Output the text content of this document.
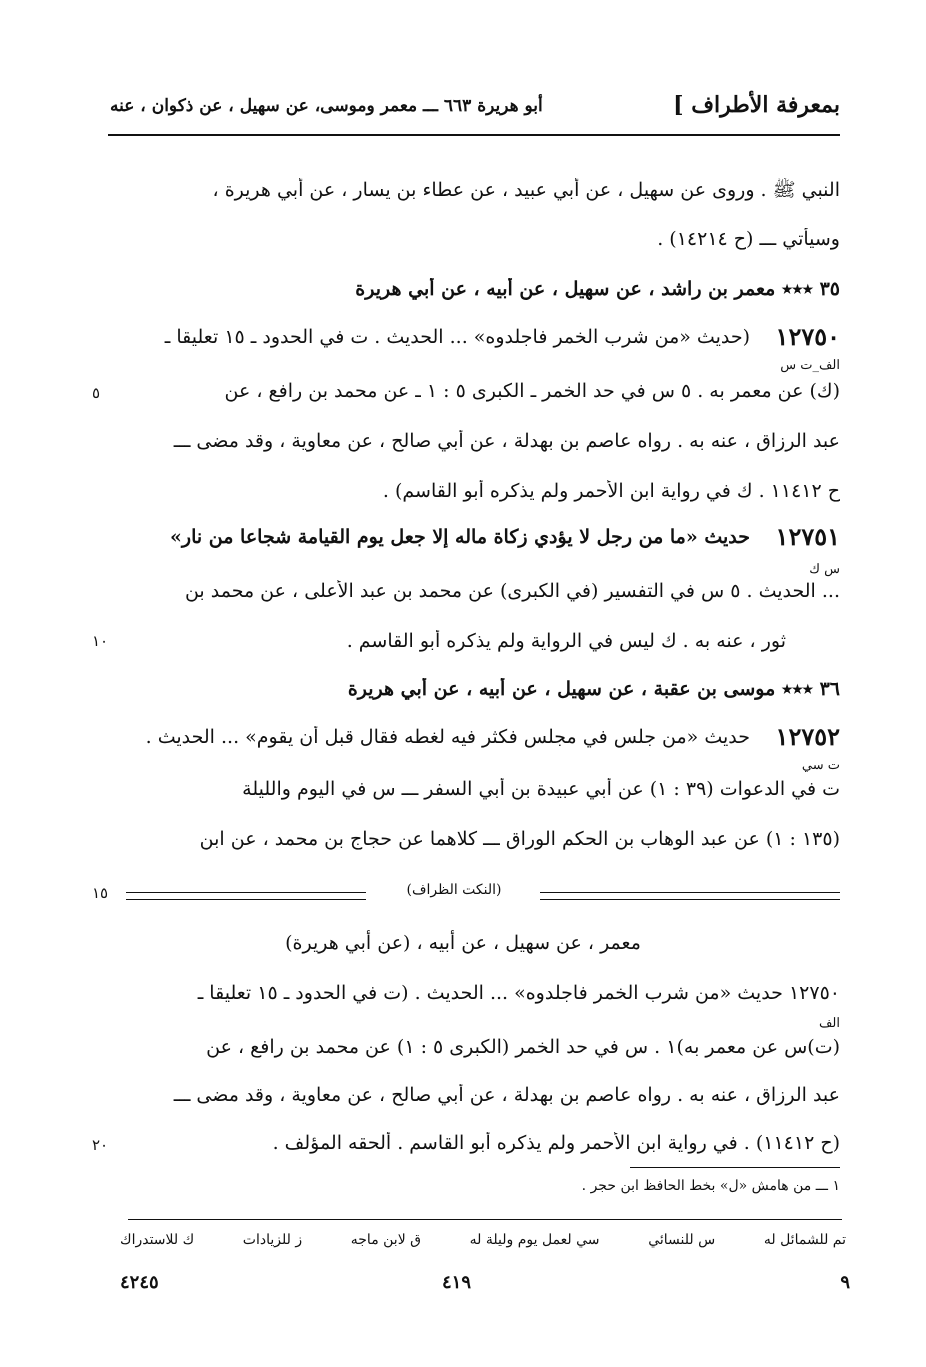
بمعرفة الأطراف ]
أبو هريرة ٦٦٣ ـــ معمر وموسى، عن سهيل ، عن ذكوان ، عنه
النبي ﷺ . وروى عن سهيل ، عن أبي عبيد ، عن عطاء بن يسار ، عن أبي هريرة ،
وسيأتي ـــ (ح ١٤٢١٤) .
٣٥ ٭٭٭ معمر بن راشد ، عن سهيل ، عن أبيه ، عن أبي هريرة
١٢٧٥٠
(حديث «من شرب الخمر فاجلدوه» ... الحديث . ت في الحدود ـ ١٥ تعليقا ـ
الف_ت س
(ك) عن معمر به . ٥ س في حد الخمر ـ الكبرى ٥ : ١ ـ عن محمد بن رافع ، عن
عبد الرزاق ، عنه به . رواه عاصم بن بهدلة ، عن أبي صالح ، عن معاوية ، وقد مضى ـــ
ح ١١٤١٢ . ك في رواية ابن الأحمر ولم يذكره أبو القاسم) .
١٢٧٥١
حديث «ما من رجل لا يؤدي زكاة ماله إلا جعل يوم القيامة شجاعا من نار»
س ك
... الحديث . ٥ س في التفسير (في الكبرى) عن محمد بن عبد الأعلى ، عن محمد بن
ثور ، عنه به . ك ليس في الرواية ولم يذكره أبو القاسم .
٣٦ ٭٭٭ موسى بن عقبة ، عن سهيل ، عن أبيه ، عن أبي هريرة
١٢٧٥٢
حديث «من جلس في مجلس فكثر فيه لغطه فقال قبل أن يقوم» ... الحديث .
ت سي
ت في الدعوات (٣٩ : ١) عن أبي عبيدة بن أبي السفر ـــ س في اليوم والليلة
(١٣٥ : ١) عن عبد الوهاب بن الحكم الوراق ـــ كلاهما عن حجاج بن محمد ، عن ابن
٥
١٠
١٥
٢٠
(النكت الظراف)
معمر ، عن سهيل ، عن أبيه ، (عن أبي هريرة)
١٢٧٥٠ حديث «من شرب الخمر فاجلدوه» ... الحديث . (ت في الحدود ـ ١٥ تعليقا ـ
الف
(ت)س عن معمر به)١ . س في حد الخمر (الكبرى ٥ : ١) عن محمد بن رافع ، عن
عبد الرزاق ، عنه به . رواه عاصم بن بهدلة ، عن أبي صالح ، عن معاوية ، وقد مضى ـــ
(ح ١١٤١٢) . في رواية ابن الأحمر ولم يذكره أبو القاسم . ألحقه المؤلف .
١ ـــ من هامش «ل» بخط الحافظ ابن حجر .
تم للشمائل له
س للنسائي
سي لعمل يوم وليلة له
ق لابن ماجه
ز للزيادات
ك للاستدراك
٩
٤١٩
٤٢٤٥
